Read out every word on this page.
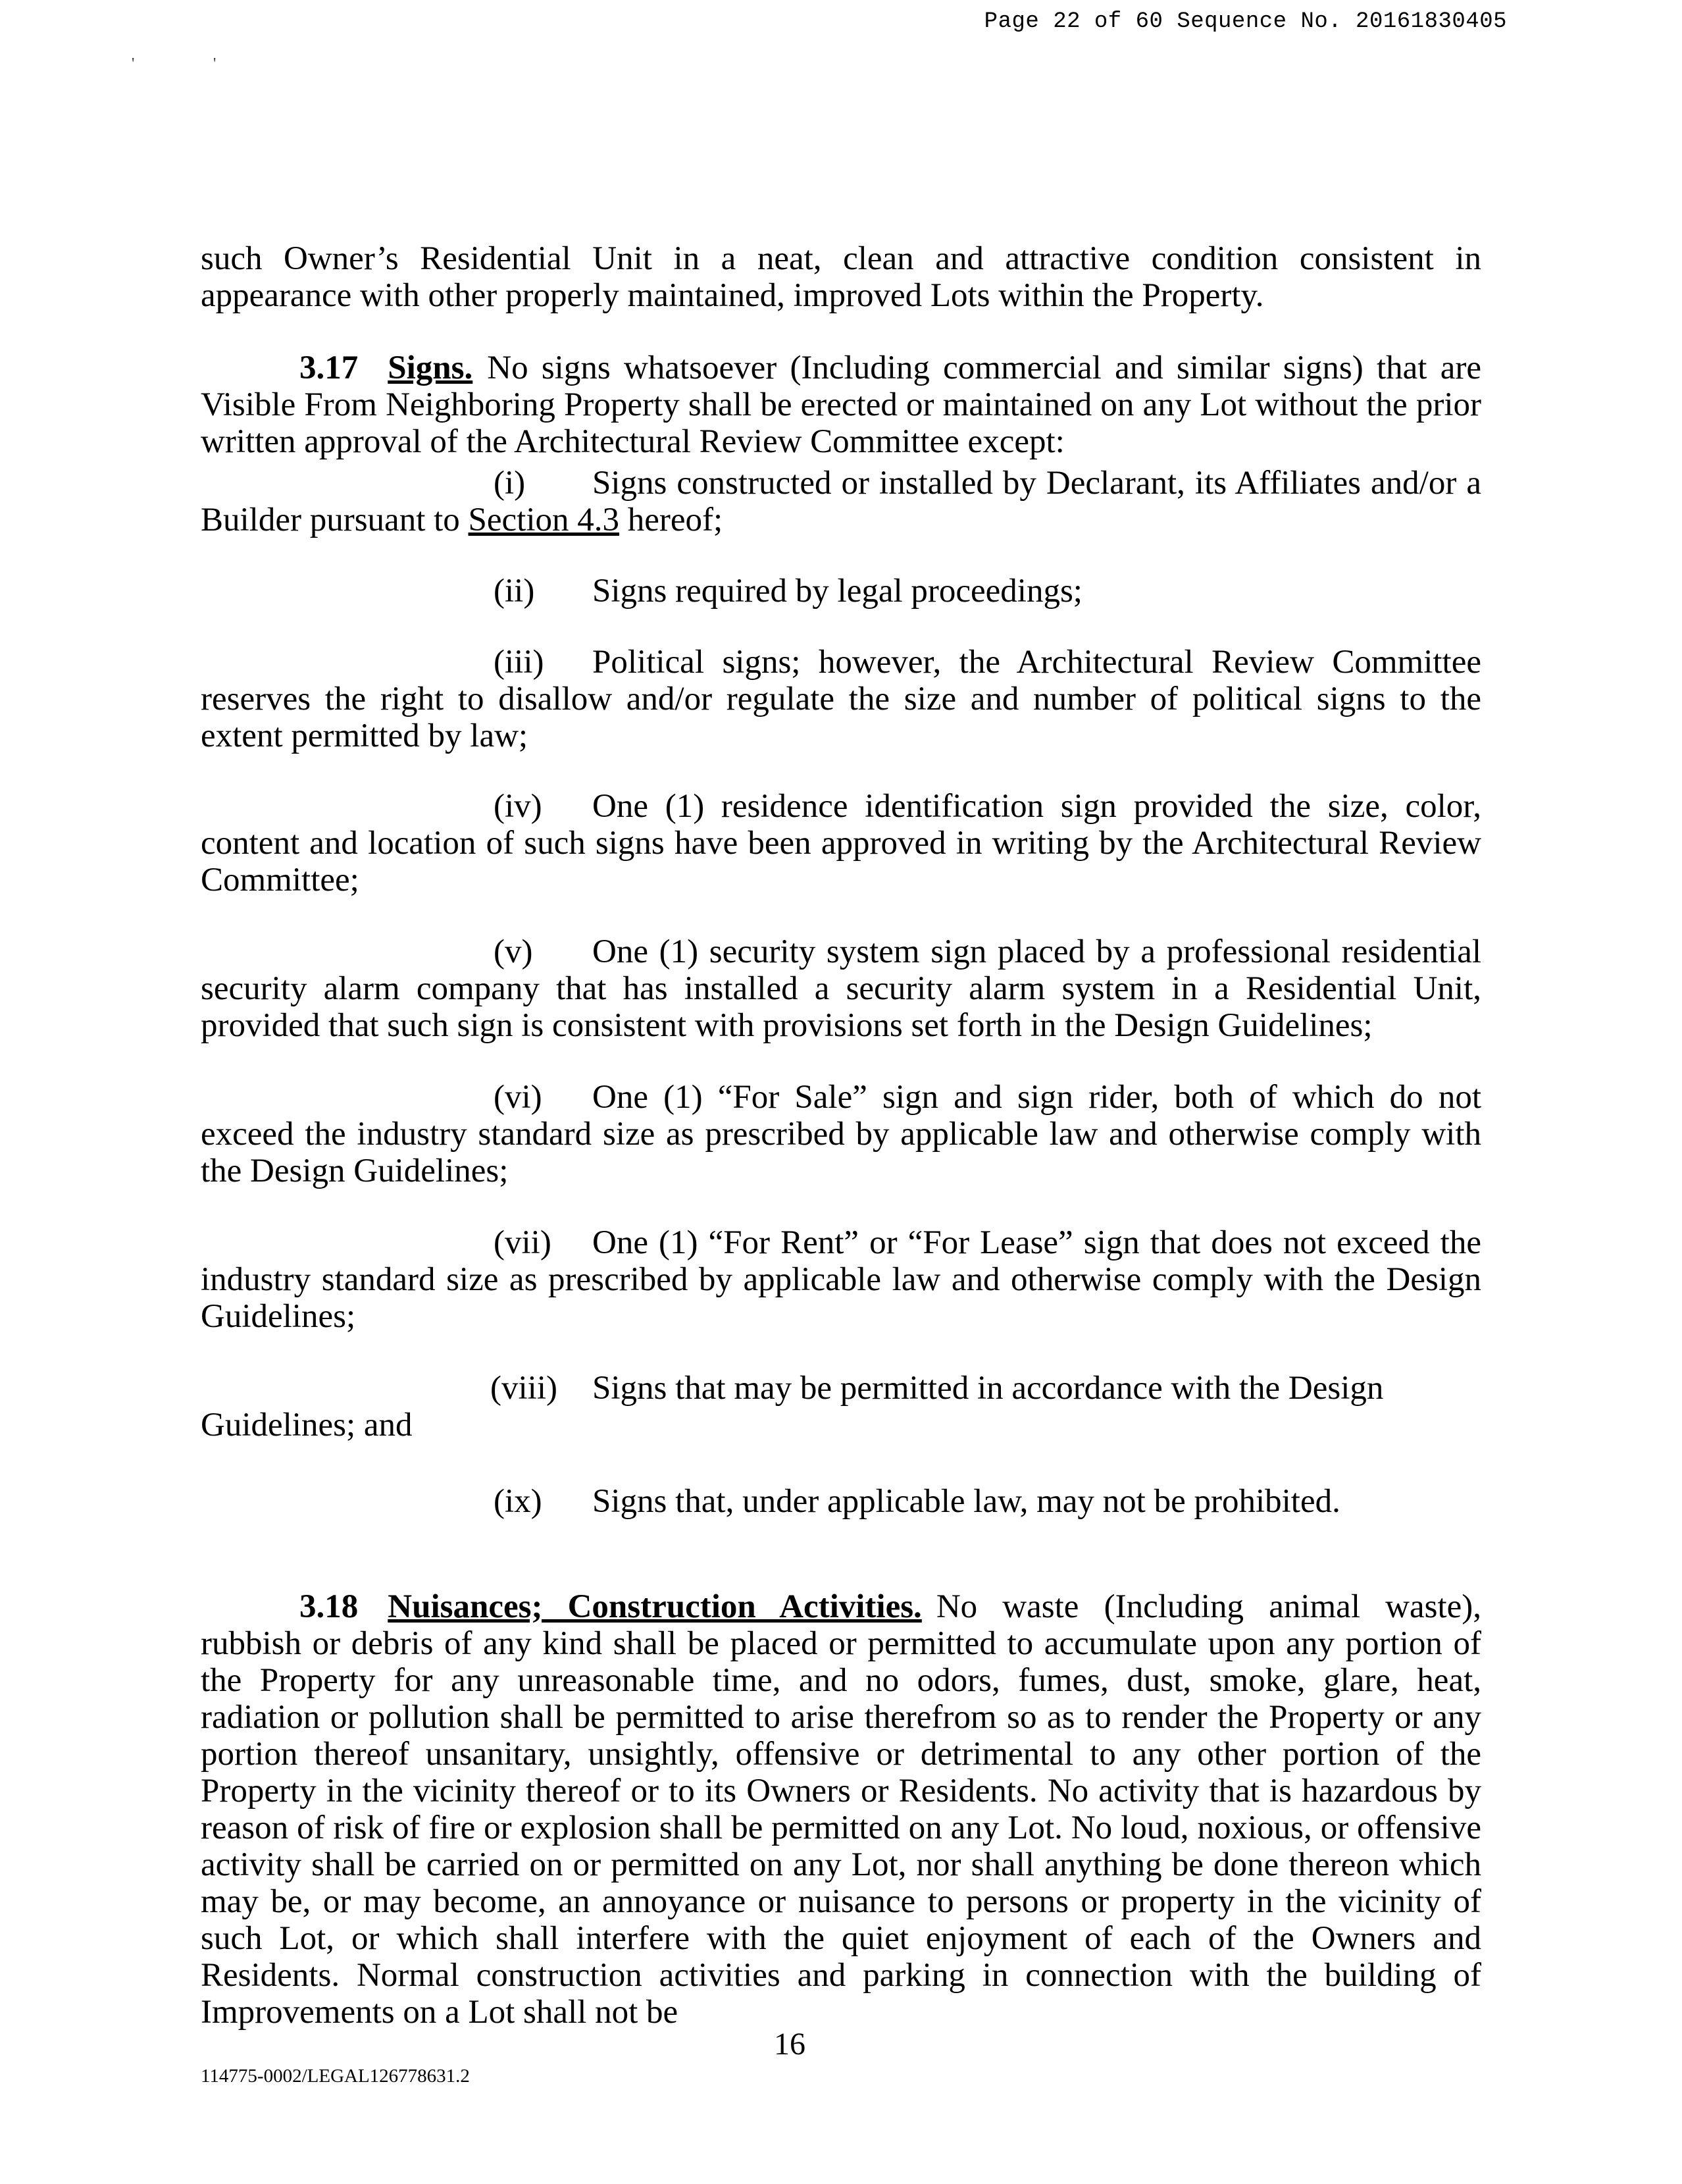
Page 22 of 60 Sequence No. 20161830405
'	'

such Owner’s Residential Unit in a neat, clean and attractive condition consistent in appearance with other properly maintained, improved Lots within the Property.

3.17 Signs. No signs whatsoever (Including commercial and similar signs) that are Visible From Neighboring Property shall be erected or maintained on any Lot without the prior written approval of the Architectural Review Committee except:

(i) Signs constructed or installed by Declarant, its Affiliates and/or a Builder pursuant to Section 4.3 hereof;

(ii) Signs required by legal proceedings;

(iii) Political signs; however, the Architectural Review Committee reserves the right to disallow and/or regulate the size and number of political signs to the extent permitted by law;

(iv) One (1) residence identification sign provided the size, color, content and location of such signs have been approved in writing by the Architectural Review Committee;

(v) One (1) security system sign placed by a professional residential security alarm company that has installed a security alarm system in a Residential Unit, provided that such sign is consistent with provisions set forth in the Design Guidelines;

(vi) One (1) “For Sale” sign and sign rider, both of which do not exceed the industry standard size as prescribed by applicable law and otherwise comply with the Design Guidelines;

(vii) One (1) “For Rent” or “For Lease” sign that does not exceed the industry standard size as prescribed by applicable law and otherwise comply with the Design Guidelines;

(viii) Signs that may be permitted in accordance with the Design
Guidelines; and

(ix) Signs that, under applicable law, may not be prohibited.

3.18 Nuisances; Construction Activities. No waste (Including animal waste), rubbish or debris of any kind shall be placed or permitted to accumulate upon any portion of the Property for any unreasonable time, and no odors, fumes, dust, smoke, glare, heat, radiation or pollution shall be permitted to arise therefrom so as to render the Property or any portion thereof unsanitary, unsightly, offensive or detrimental to any other portion of the Property in the vicinity thereof or to its Owners or Residents. No activity that is hazardous by reason of risk of fire or explosion shall be permitted on any Lot. No loud, noxious, or offensive activity shall be carried on or permitted on any Lot, nor shall anything be done thereon which may be, or may become, an annoyance or nuisance to persons or property in the vicinity of such Lot, or which shall interfere with the quiet enjoyment of each of the Owners and Residents. Normal construction activities and parking in connection with the building of Improvements on a Lot shall not be

16
114775-0002/LEGAL126778631.2
